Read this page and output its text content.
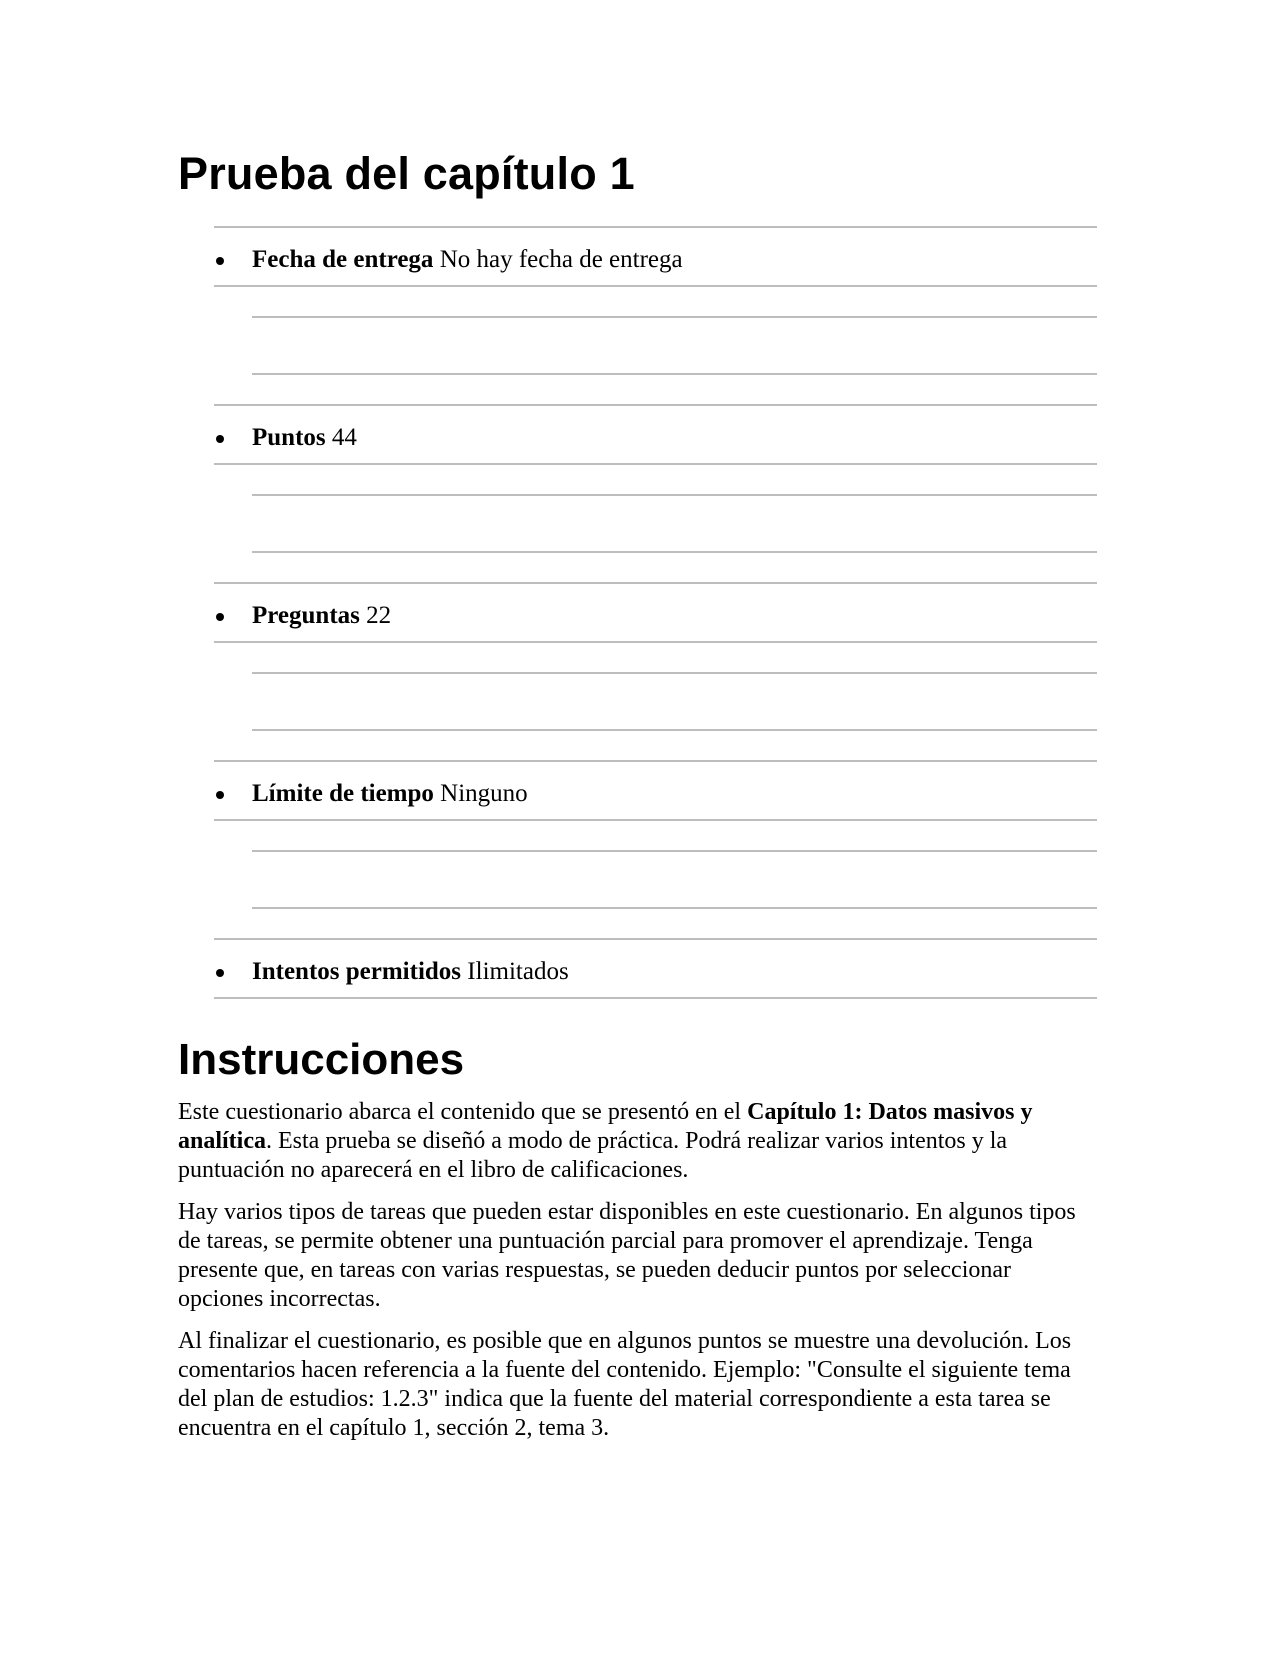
Prueba del capítulo 1
Fecha de entrega No hay fecha de entrega
Puntos 44
Preguntas 22
Límite de tiempo Ninguno
Intentos permitidos Ilimitados
Instrucciones

Este cuestionario abarca el contenido que se presentó en el Capítulo 1: Datos masivos y analítica. Esta prueba se diseñó a modo de práctica. Podrá realizar varios intentos y la puntuación no aparecerá en el libro de calificaciones.

Hay varios tipos de tareas que pueden estar disponibles en este cuestionario. En algunos tipos de tareas, se permite obtener una puntuación parcial para promover el aprendizaje. Tenga presente que, en tareas con varias respuestas, se pueden deducir puntos por seleccionar opciones incorrectas.

Al finalizar el cuestionario, es posible que en algunos puntos se muestre una devolución. Los comentarios hacen referencia a la fuente del contenido. Ejemplo: "Consulte el siguiente tema del plan de estudios: 1.2.3" indica que la fuente del material correspondiente a esta tarea se encuentra en el capítulo 1, sección 2, tema 3.
